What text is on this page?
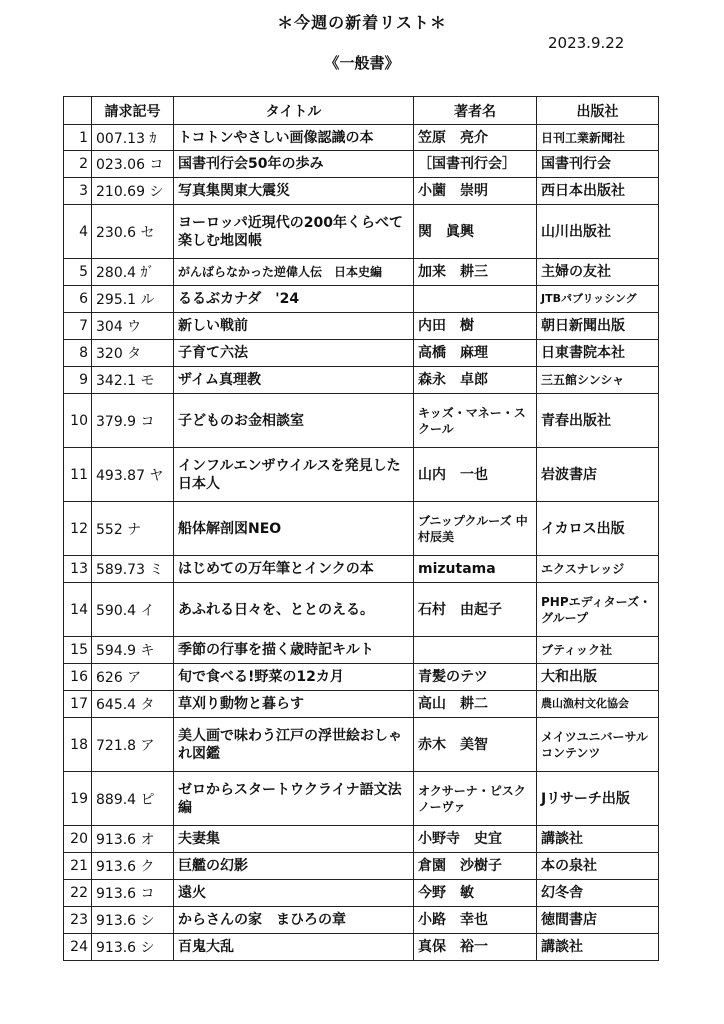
＊今週の新着リスト＊
2023.9.22
《一般書》
	請求記号	タイトル	著者名	出版社
1	007.13 ｶ	トコトンやさしい画像認識の本	笠原　亮介	日刊工業新聞社
2	023.06 コ	国書刊行会50年の歩み	［国書刊行会］	国書刊行会
3	210.69 シ	写真集関東大震災	小薗　崇明	西日本出版社
4	230.6 セ	ヨーロッパ近現代の200年くらべて楽しむ地図帳	関　眞興	山川出版社
5	280.4 ｶﾞ	がんばらなかった逆偉人伝　日本史編	加来　耕三	主婦の友社
6	295.1 ル	るるぶカナダ　'24		JTBパブリッシング
7	304 ウ	新しい戦前	内田　樹	朝日新聞出版
8	320 タ	子育て六法	高橋　麻理	日東書院本社
9	342.1 モ	ザイム真理教	森永　卓郎	三五館シンシャ
10	379.9 コ	子どものお金相談室	キッズ・マネー・スクール	青春出版社
11	493.87 ヤ	インフルエンザウイルスを発見した日本人	山内　一也	岩波書店
12	552 ナ	船体解剖図NEO	ブニップクルーズ 中村辰美	イカロス出版
13	589.73 ミ	はじめての万年筆とインクの本	mizutama	エクスナレッジ
14	590.4 イ	あふれる日々を、ととのえる。	石村　由起子	PHPエディターズ・グループ
15	594.9 キ	季節の行事を描く歳時記キルト		ブティック社
16	626 ア	旬で食べる!野菜の12カ月	青髪のテツ	大和出版
17	645.4 タ	草刈り動物と暮らす	高山　耕二	農山漁村文化協会
18	721.8 ア	美人画で味わう江戸の浮世絵おしゃれ図鑑	赤木　美智	メイツユニバーサルコンテンツ
19	889.4 ピ	ゼロからスタートウクライナ語文法編	オクサーナ・ピスクノーヴァ	Jリサーチ出版
20	913.6 オ	夫妻集	小野寺　史宜	講談社
21	913.6 ク	巨艦の幻影	倉園　沙樹子	本の泉社
22	913.6 コ	遠火	今野　敏	幻冬舎
23	913.6 シ	からさんの家　まひろの章	小路　幸也	徳間書店
24	913.6 シ	百鬼大乱	真保　裕一	講談社
